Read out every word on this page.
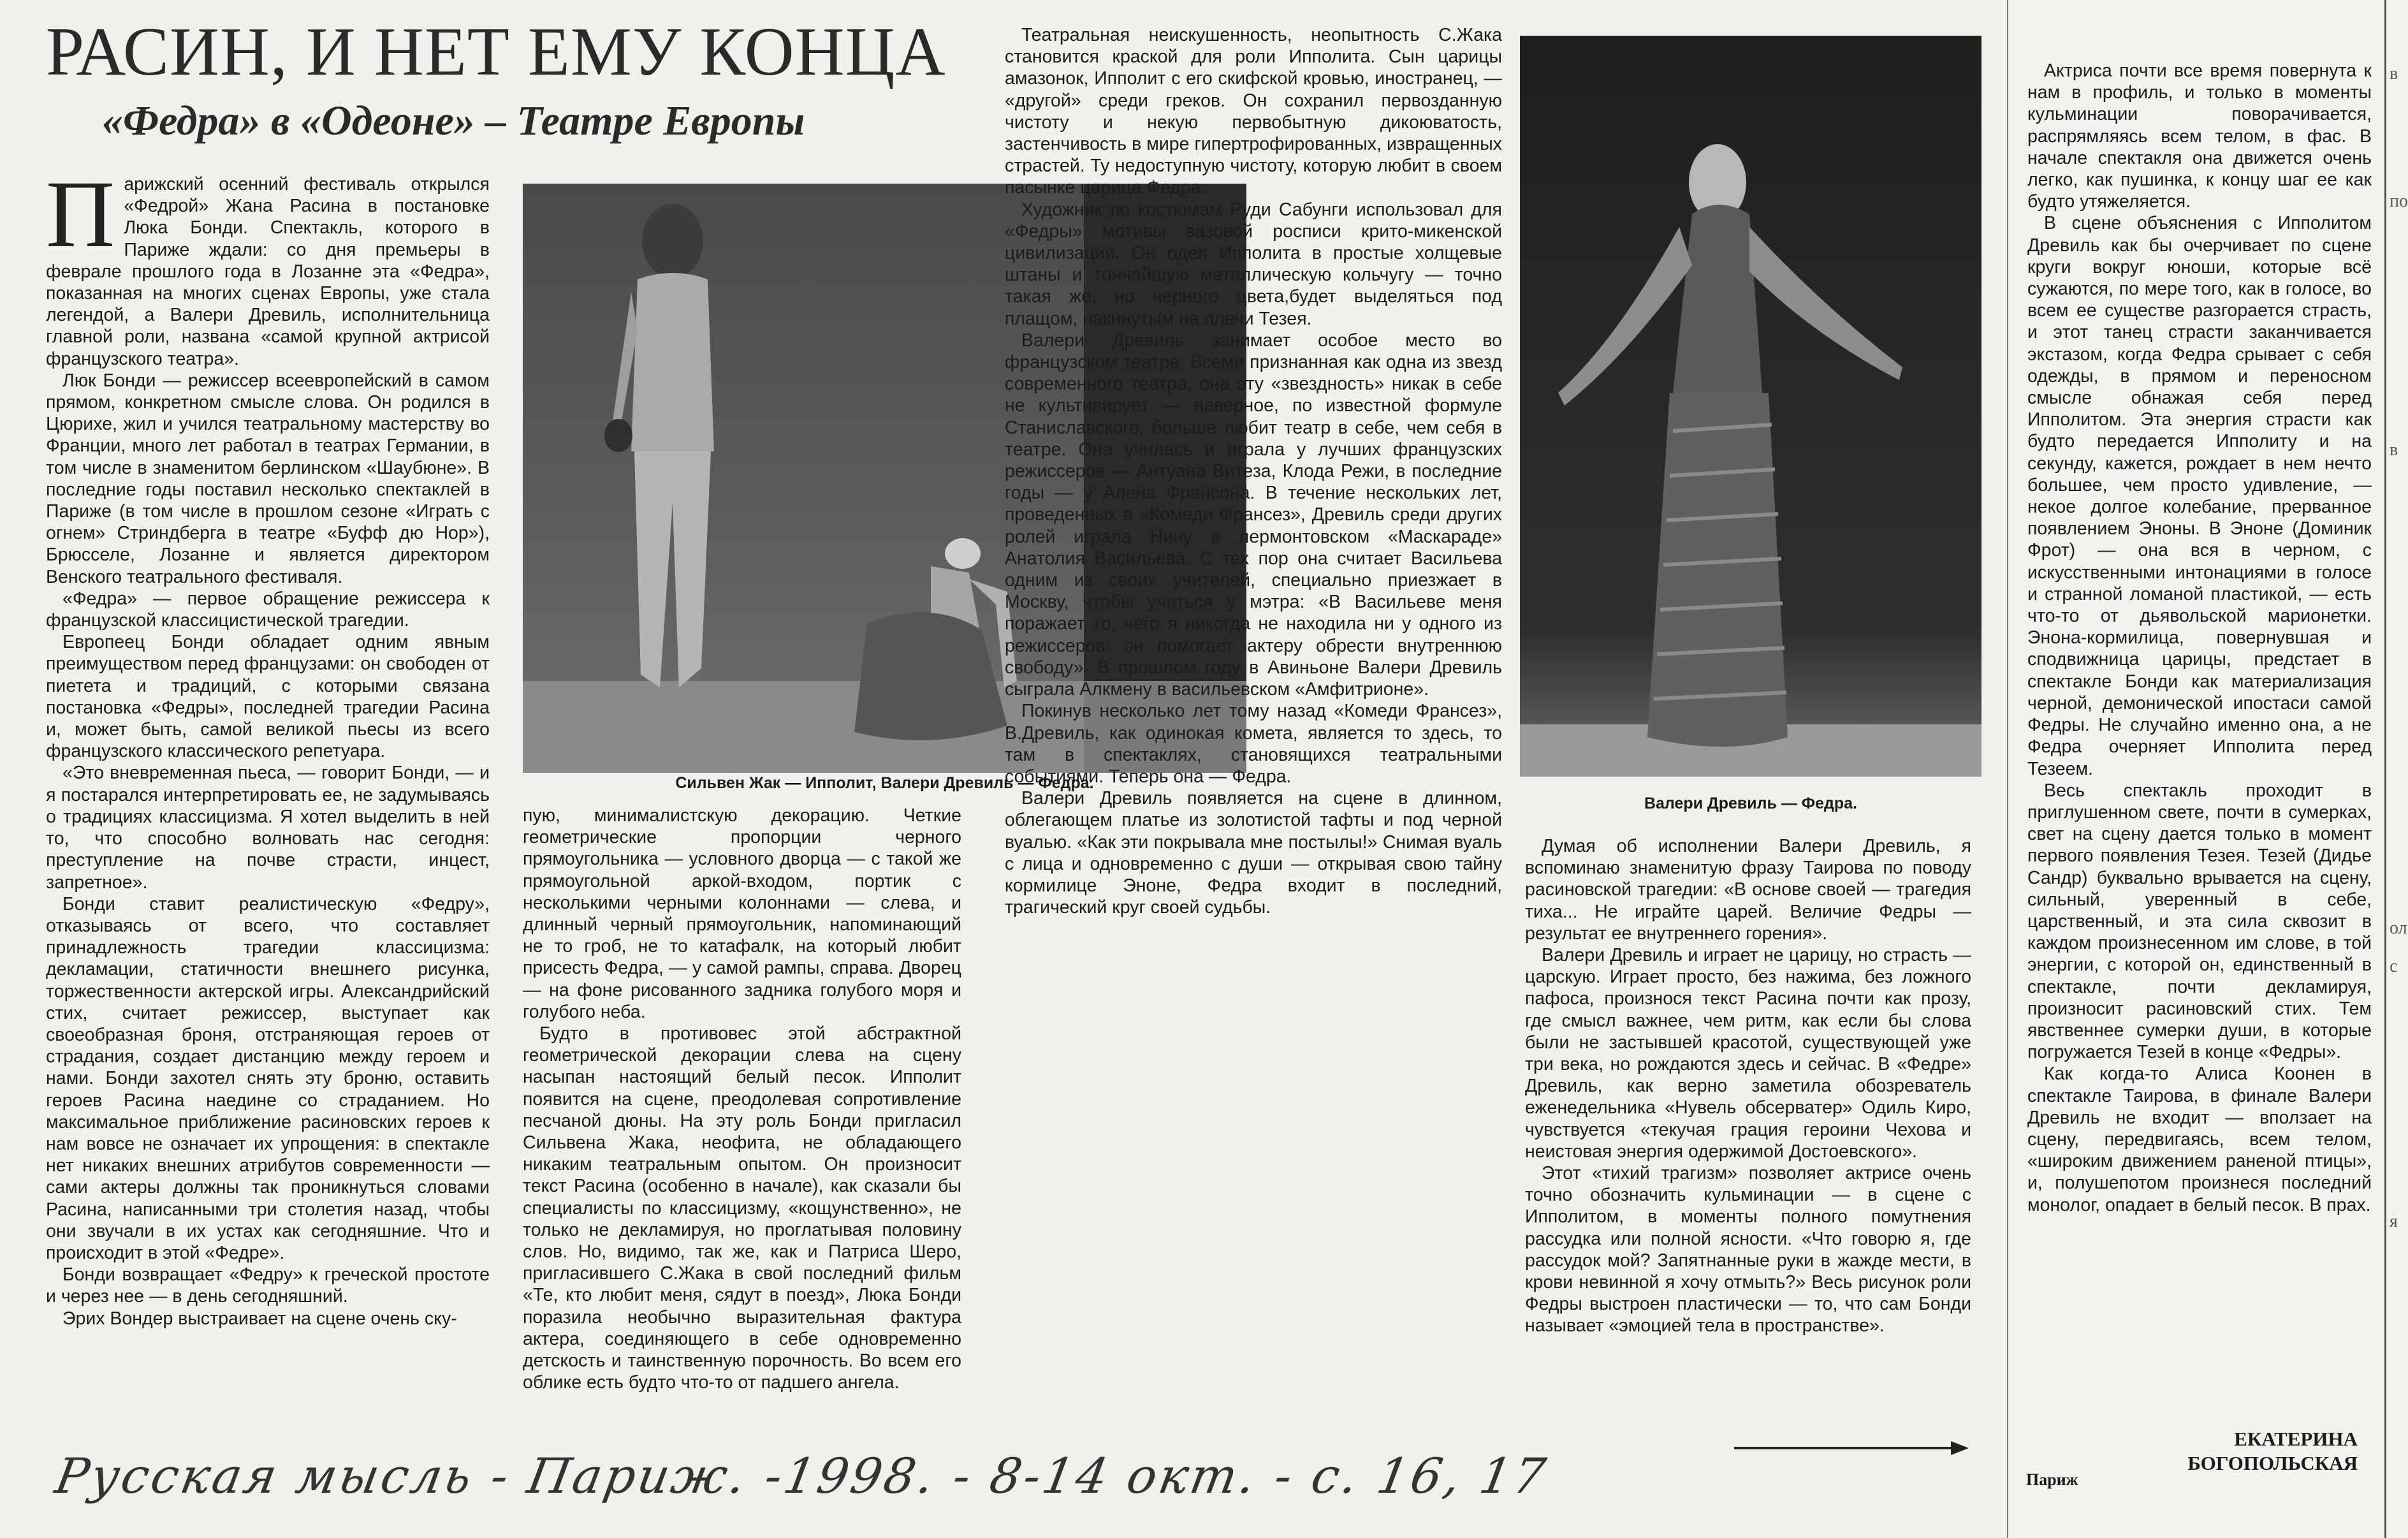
РАСИН, И НЕТ ЕМУ КОНЦА
«Федра» в «Одеоне» – Театре Европы
П арижский осенний фестиваль открылся «Федрой» Жана Расина в постановке Люка Бонди. Спектакль, которого в Париже ждали: со дня премьеры в феврале прошлого года в Лозанне эта «Федра», показанная на многих сценах Европы, уже стала легендой, а Валери Древиль, исполнительница главной роли, названа «самой крупной актрисой французского театра».

Люк Бонди — режиссер всеевропейский в самом прямом, конкретном смысле слова. Он родился в Цюрихе, жил и учился театральному мастерству во Франции, много лет работал в театрах Германии, в том числе в знаменитом берлинском «Шаубюне». В последние годы поставил несколько спектаклей в Париже (в том числе в прошлом сезоне «Играть с огнем» Стриндберга в театре «Буфф дю Нор»), Брюсселе, Лозанне и является директором Венского театрального фестиваля.

«Федра» — первое обращение режиссера к французской классицистической трагедии.

Европеец Бонди обладает одним явным преимуществом перед французами: он свободен от пиетета и традиций, с которыми связана постановка «Федры», последней трагедии Расина и, может быть, самой великой пьесы из всего французского классического репетуара.

«Это вневременная пьеса, — говорит Бонди, — и я постарался интерпретировать ее, не задумываясь о традициях классицизма. Я хотел выделить в ней то, что способно волновать нас сегодня: преступление на почве страсти, инцест, запретное».

Бонди ставит реалистическую «Федру», отказываясь от всего, что составляет принадлежность трагедии классицизма: декламации, статичности внешнего рисунка, торжественности актерской игры. Александрийский стих, считает режиссер, выступает как своеобразная броня, отстраняющая героев от страдания, создает дистанцию между героем и нами. Бонди захотел снять эту броню, оставить героев Расина наедине со страданием. Но максимальное приближение расиновских героев к нам вовсе не означает их упрощения: в спектакле нет никаких внешних атрибутов современности — сами актеры должны так проникнуться словами Расина, написанными три столетия назад, чтобы они звучали в их устах как сегодняшние. Что и происходит в этой «Федре».

Бонди возвращает «Федру» к греческой простоте и через нее — в день сегодняшний.

Эрих Вондер выстраивает на сцене очень ску-

Сильвен Жак — Ипполит, Валери Древиль — Федра.

пую, минималистскую декорацию. Четкие геометрические пропорции черного прямоугольника — условного дворца — с такой же прямоугольной аркой-входом, портик с несколькими черными колоннами — слева, и длинный черный прямоугольник, напоминающий не то гроб, не то катафалк, на который любит присесть Федра, — у самой рампы, справа. Дворец — на фоне рисованного задника голубого моря и голубого неба.

Будто в противовес этой абстрактной геометрической декорации слева на сцену насыпан настоящий белый песок. Ипполит появится на сцене, преодолевая сопротивление песчаной дюны. На эту роль Бонди пригласил Сильвена Жака, неофита, не обладающего никаким театральным опытом. Он произносит текст Расина (особенно в начале), как сказали бы специалисты по классицизму, «кощунственно», не только не декламируя, но проглатывая половину слов. Но, видимо, так же, как и Патриса Шеро, пригласившего С.Жака в свой последний фильм «Те, кто любит меня, сядут в поезд», Люка Бонди поразила необычно выразительная фактура актера, соединяющего в себе одновременно детскость и таинственную порочность. Во всем его облике есть будто что-то от падшего ангела.

Театральная неискушенность, неопытность С.Жака становится краской для роли Ипполита. Сын царицы амазонок, Ипполит с его скифской кровью, иностранец, — «другой» среди греков. Он сохранил первозданную чистоту и некую первобытную дикоюватость, застенчивость в мире гипертрофированных, извращенных страстей. Ту недоступную чистоту, которую любит в своем пасынке царица Федра.

Художник по костюмам Руди Сабунги использовал для «Федры» мотивы вазовой росписи крито-микенской цивилизации. Он одел Ипполита в простые холщевые штаны и тончайшую металлическую кольчугу — точно такая же, но черного цвета,будет выделяться под плащом, накинутым на плечи Тезея.

Валери Древиль занимает особое место во французском театре. Всеми признанная как одна из звезд современного театра, она эту «звездность» никак в себе не культивирует — наверное, по известной формуле Станиславского, больше любит театр в себе, чем себя в театре. Она училась и играла у лучших французских режиссеров — Антуана Витеза, Клода Режи, в последние годы — у Алена Франсона. В течение нескольких лет, проведенных в «Комеди Франсез», Древиль среди других ролей играла Нину в лермонтовском «Маскараде» Анатолия Васильева. С тех пор она считает Васильева одним из своих учителей, специально приезжает в Москву, чтобы учиться у мэтра: «В Васильеве меня поражает то, чего я никогда не находила ни у одного из режиссеров: он помогает актеру обрести внутреннюю свободу». В прошлом году в Авиньоне Валери Древиль сыграла Алкмену в васильевском «Амфитрионе».

Покинув несколько лет тому назад «Комеди Франсез», В.Древиль, как одинокая комета, является то здесь, то там в спектаклях, становящихся театральными событиями. Теперь она — Федра.

Валери Древиль появляется на сцене в длинном, облегающем платье из золотистой тафты и под черной вуалью. «Как эти покрывала мне постылы!» Снимая вуаль с лица и одновременно с души — открывая свою тайну кормилице Эноне, Федра входит в последний, трагический круг своей судьбы.

Валери Древиль — Федра.

Думая об исполнении Валери Древиль, я вспоминаю знаменитую фразу Таирова по поводу расиновской трагедии: «В основе своей — трагедия тиха... Не играйте царей. Величие Федры — результат ее внутреннего горения».

Валери Древиль и играет не царицу, но страсть — царскую. Играет просто, без нажима, без ложного пафоса, произнося текст Расина почти как прозу, где смысл важнее, чем ритм, как если бы слова были не застывшей красотой, существующей уже три века, но рождаются здесь и сейчас. В «Федре» Древиль, как верно заметила обозреватель еженедельника «Нувель обсерватер» Одиль Киро, чувствуется «текучая грация героини Чехова и неистовая энергия одержимой Достоевского».

Этот «тихий трагизм» позволяет актрисе очень точно обозначить кульминации — в сцене с Ипполитом, в моменты полного помутнения рассудка или полной ясности. «Что говорю я, где рассудок мой? Запятнанные руки в жажде мести, в крови невинной я хочу отмыть?» Весь рисунок роли Федры выстроен пластически — то, что сам Бонди называет «эмоцией тела в пространстве».

Русская мысль - Париж. -1998. - 8-14 окт. - с. 16, 17

Актриса почти все время повернута к нам в профиль, и только в моменты кульминации поворачивается, распрямляясь всем телом, в фас. В начале спектакля она движется очень легко, как пушинка, к концу шаг ее как будто утяжеляется.

В сцене объяснения с Ипполитом Древиль как бы очерчивает по сцене круги вокруг юноши, которые всё сужаются, по мере того, как в голосе, во всем ее существе разгорается страсть, и этот танец страсти заканчивается экстазом, когда Федра срывает с себя одежды, в прямом и переносном смысле обнажая себя перед Ипполитом. Эта энергия страсти как будто передается Ипполиту и на секунду, кажется, рождает в нем нечто большее, чем просто удивление, — некое долгое колебание, прерванное появлением Эноны. В Эноне (Доминик Фрот) — она вся в черном, с искусственными интонациями в голосе и странной ломаной пластикой, — есть что-то от дьявольской марионетки. Энона-кормилица, повернувшая и сподвижница царицы, предстает в спектакле Бонди как материализация черной, демонической ипостаси самой Федры. Не случайно именно она, а не Федра очерняет Ипполита перед Тезеем.

Весь спектакль проходит в приглушенном свете, почти в сумерках, свет на сцену дается только в момент первого появления Тезея. Тезей (Дидье Сандр) буквально врывается на сцену, сильный, уверенный в себе, царственный, и эта сила сквозит в каждом произнесенном им слове, в той энергии, с которой он, единственный в спектакле, почти декламируя, произносит расиновский стих. Тем явственнее сумерки души, в которые погружается Тезей в конце «Федры».

Как когда-то Алиса Коонен в спектакле Таирова, в финале Валери Древиль не входит — вползает на сцену, передвигаясь, всем телом, «широким движением раненой птицы», и, полушепотом произнеся последний монолог, опадает в белый песок. В прах.

в
по
в
ол
с
я
ЕКАТЕРИНА БОГОПОЛЬСКАЯ
Париж
